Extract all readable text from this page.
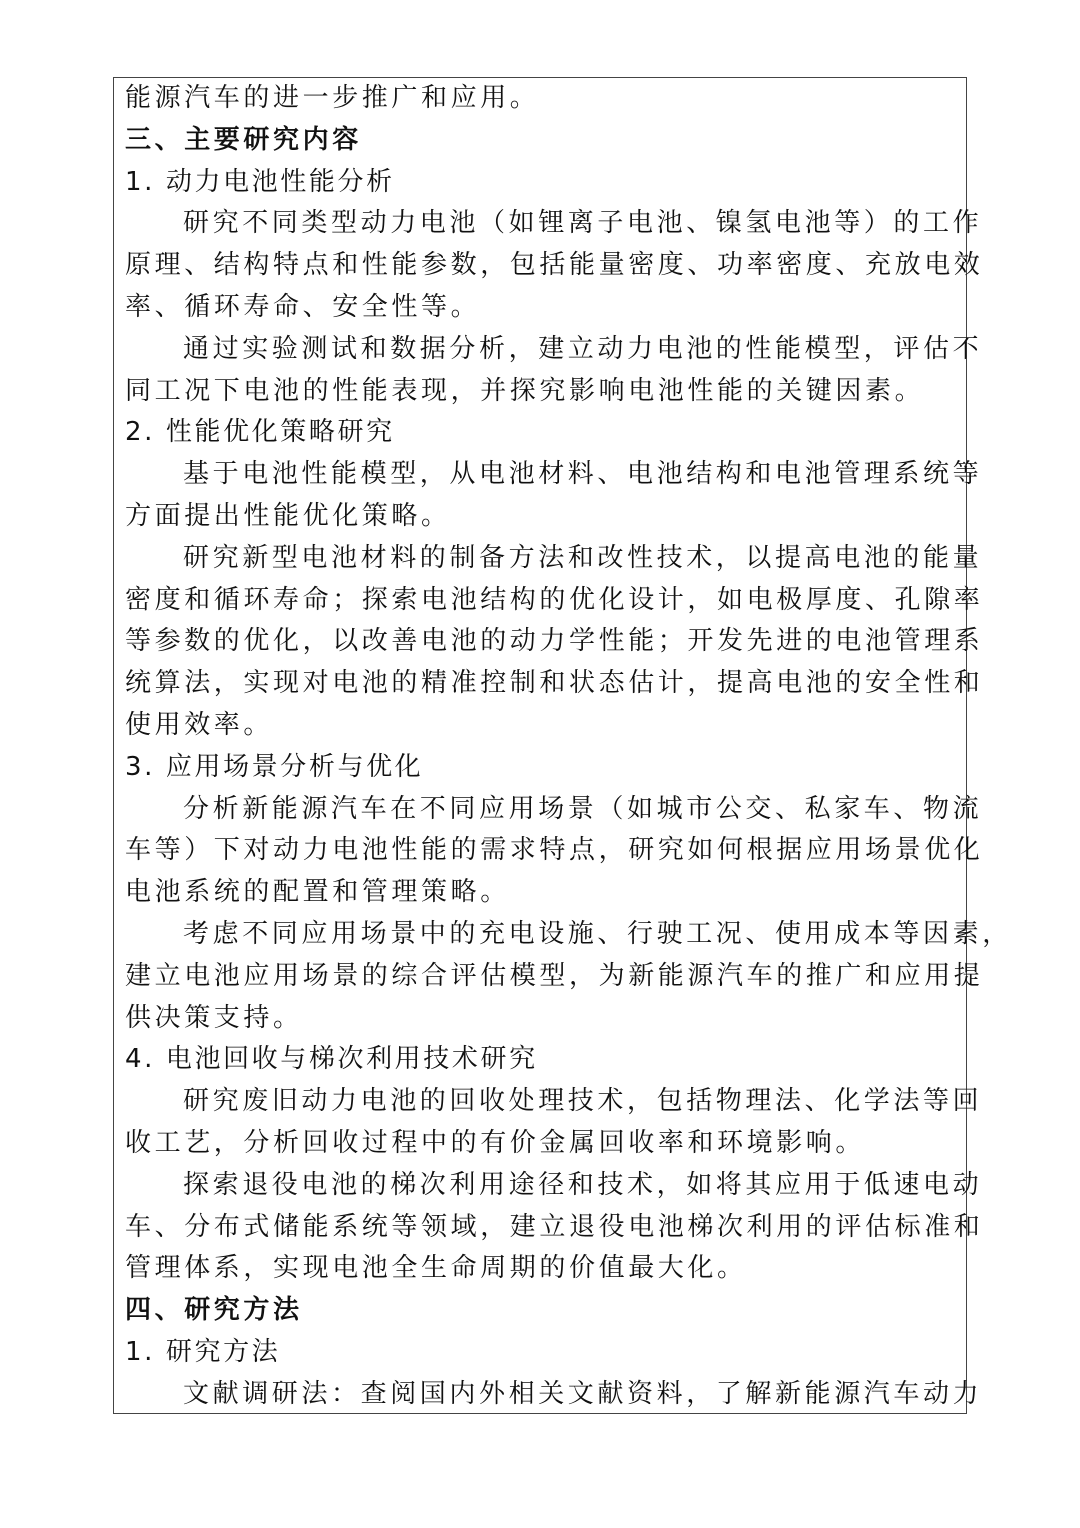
能源汽车的进一步推广和应用。
三、主要研究内容
1. 动力电池性能分析
研究不同类型动力电池（如锂离子电池、镍氢电池等）的工作
原理、结构特点和性能参数，包括能量密度、功率密度、充放电效
率、循环寿命、安全性等。
通过实验测试和数据分析，建立动力电池的性能模型，评估不
同工况下电池的性能表现，并探究影响电池性能的关键因素。
2. 性能优化策略研究
基于电池性能模型，从电池材料、电池结构和电池管理系统等
方面提出性能优化策略。
研究新型电池材料的制备方法和改性技术，以提高电池的能量
密度和循环寿命；探索电池结构的优化设计，如电极厚度、孔隙率
等参数的优化，以改善电池的动力学性能；开发先进的电池管理系
统算法，实现对电池的精准控制和状态估计，提高电池的安全性和
使用效率。
3. 应用场景分析与优化
分析新能源汽车在不同应用场景（如城市公交、私家车、物流
车等）下对动力电池性能的需求特点，研究如何根据应用场景优化
电池系统的配置和管理策略。
考虑不同应用场景中的充电设施、行驶工况、使用成本等因素，
建立电池应用场景的综合评估模型，为新能源汽车的推广和应用提
供决策支持。
4. 电池回收与梯次利用技术研究
研究废旧动力电池的回收处理技术，包括物理法、化学法等回
收工艺，分析回收过程中的有价金属回收率和环境影响。
探索退役电池的梯次利用途径和技术，如将其应用于低速电动
车、分布式储能系统等领域，建立退役电池梯次利用的评估标准和
管理体系，实现电池全生命周期的价值最大化。
四、研究方法
1. 研究方法
文献调研法：查阅国内外相关文献资料，了解新能源汽车动力
